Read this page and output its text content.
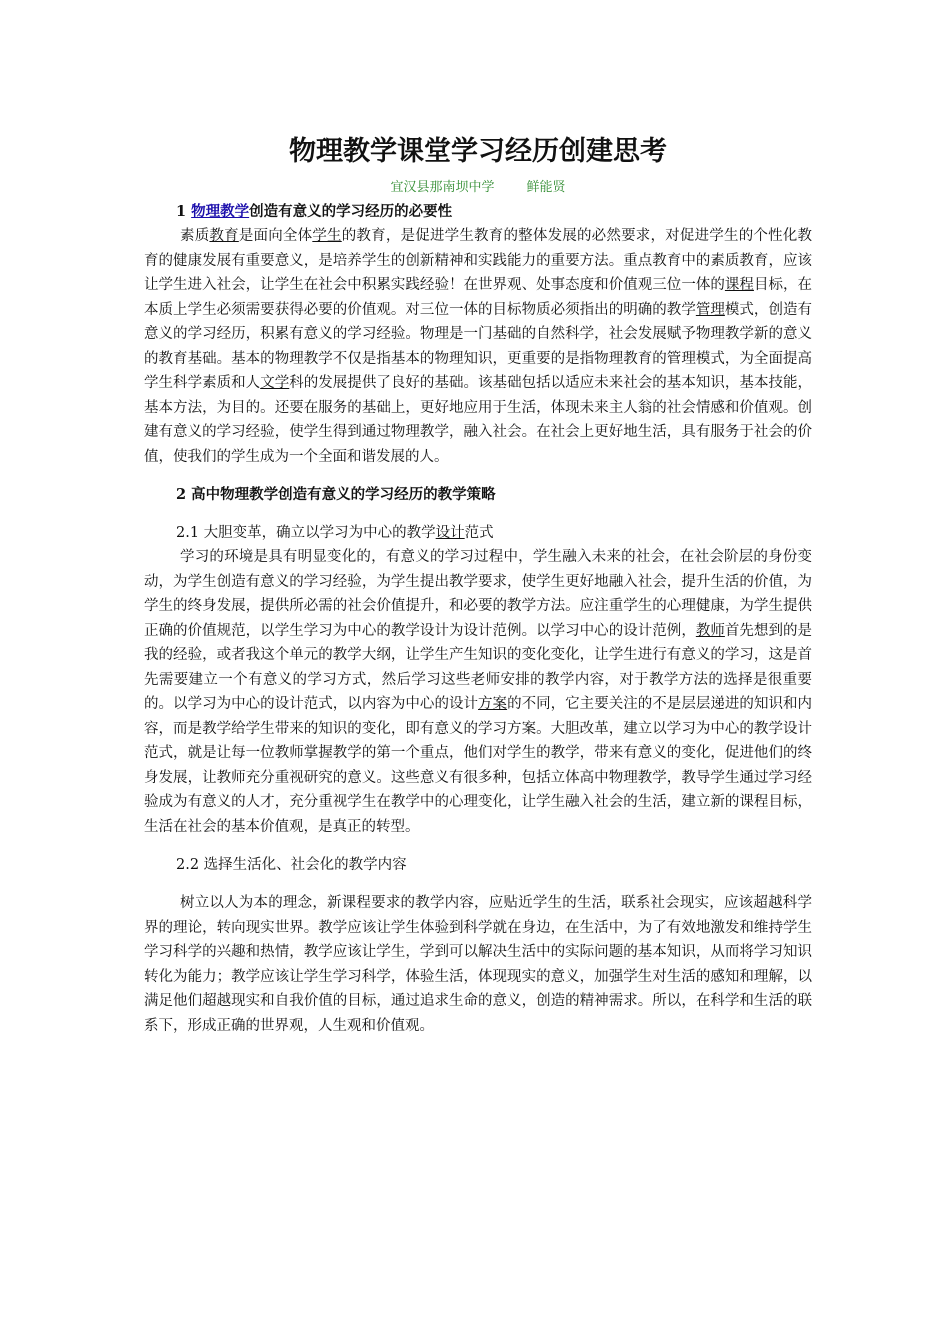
物理教学课堂学习经历创建思考
宜汉县那南坝中学 鲜能贤
1 物理教学创造有意义的学习经历的必要性

素质教育是面向全体学生的教育，是促进学生教育的整体发展的必然要求，对促进学生的个性化教育的健康发展有重要意义，是培养学生的创新精神和实践能力的重要方法。重点教育中的素质教育，应该让学生进入社会，让学生在社会中积累实践经验！在世界观、处事态度和价值观三位一体的课程目标，在本质上学生必须需要获得必要的价值观。对三位一体的目标物质必须指出的明确的教学管理模式，创造有意义的学习经历，积累有意义的学习经验。物理是一门基础的自然科学，社会发展赋予物理教学新的意义的教育基础。基本的物理教学不仅是指基本的物理知识，更重要的是指物理教育的管理模式，为全面提高学生科学素质和人文学科的发展提供了良好的基础。该基础包括以适应未来社会的基本知识，基本技能，基本方法，为目的。还要在服务的基础上，更好地应用于生活，体现未来主人翁的社会情感和价值观。创建有意义的学习经验，使学生得到通过物理教学，融入社会。在社会上更好地生活，具有服务于社会的价值，使我们的学生成为一个全面和谐发展的人。

2 高中物理教学创造有意义的学习经历的教学策略
2.1 大胆变革，确立以学习为中心的教学设计范式

学习的环境是具有明显变化的，有意义的学习过程中，学生融入未来的社会，在社会阶层的身份变动，为学生创造有意义的学习经验，为学生提出教学要求，使学生更好地融入社会，提升生活的价值，为学生的终身发展，提供所必需的社会价值提升，和必要的教学方法。应注重学生的心理健康，为学生提供正确的价值规范，以学生学习为中心的教学设计为设计范例。以学习中心的设计范例，教师首先想到的是我的经验，或者我这个单元的教学大纲，让学生产生知识的变化变化，让学生进行有意义的学习，这是首先需要建立一个有意义的学习方式，然后学习这些老师安排的教学内容，对于教学方法的选择是很重要的。以学习为中心的设计范式，以内容为中心的设计方案的不同，它主要关注的不是层层递进的知识和内容，而是教学给学生带来的知识的变化，即有意义的学习方案。大胆改革，建立以学习为中心的教学设计范式，就是让每一位教师掌握教学的第一个重点，他们对学生的教学，带来有意义的变化，促进他们的终身发展，让教师充分重视研究的意义。这些意义有很多种，包括立体高中物理教学，教导学生通过学习经验成为有意义的人才，充分重视学生在教学中的心理变化，让学生融入社会的生活，建立新的课程目标，生活在社会的基本价值观，是真正的转型。

2.2 选择生活化、社会化的教学内容

树立以人为本的理念，新课程要求的教学内容，应贴近学生的生活，联系社会现实，应该超越科学界的理论，转向现实世界。教学应该让学生体验到科学就在身边，在生活中，为了有效地激发和维持学生学习科学的兴趣和热情，教学应该让学生，学到可以解决生活中的实际问题的基本知识，从而将学习知识转化为能力；教学应该让学生学习科学，体验生活，体现现实的意义，加强学生对生活的感知和理解，以满足他们超越现实和自我价值的目标，通过追求生命的意义，创造的精神需求。所以，在科学和生活的联系下，形成正确的世界观，人生观和价值观。
